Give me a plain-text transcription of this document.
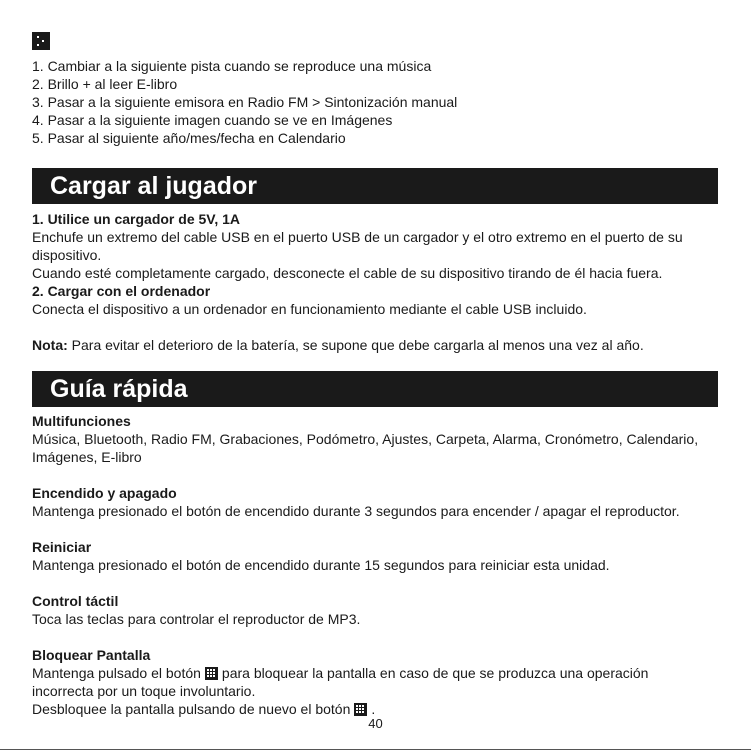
1. Cambiar a la siguiente pista cuando se reproduce una música
2. Brillo + al leer E-libro
3. Pasar a la siguiente emisora en Radio FM > Sintonización manual
4. Pasar a la siguiente imagen cuando se ve en Imágenes
5. Pasar al siguiente año/mes/fecha en Calendario
Cargar al jugador

1. Utilice un cargador de 5V, 1A

Enchufe un extremo del cable USB en el puerto USB de un cargador y el otro extremo en el puerto de su

dispositivo.

Cuando esté completamente cargado, desconecte el cable de su dispositivo tirando de él hacia fuera.

2. Cargar con el ordenador

Conecta el dispositivo a un ordenador en funcionamiento mediante el cable USB incluido.

Nota: Para evitar el deterioro de la batería, se supone que debe cargarla al menos una vez al año.

Guía rápida

Multifunciones

Música, Bluetooth, Radio FM, Grabaciones, Podómetro, Ajustes, Carpeta, Alarma, Cronómetro, Calendario,

Imágenes, E-libro

Encendido y apagado

Mantenga presionado el botón de encendido durante 3 segundos para encender / apagar el reproductor.

Reiniciar

Mantenga presionado el botón de encendido durante 15 segundos para reiniciar esta unidad.

Control táctil

Toca las teclas para controlar el reproductor de MP3.

Bloquear Pantalla

Mantenga pulsado el botón para bloquear la pantalla en caso de que se produzca una operación

incorrecta por un toque involuntario.

Desbloquee la pantalla pulsando de nuevo el botón .

40
